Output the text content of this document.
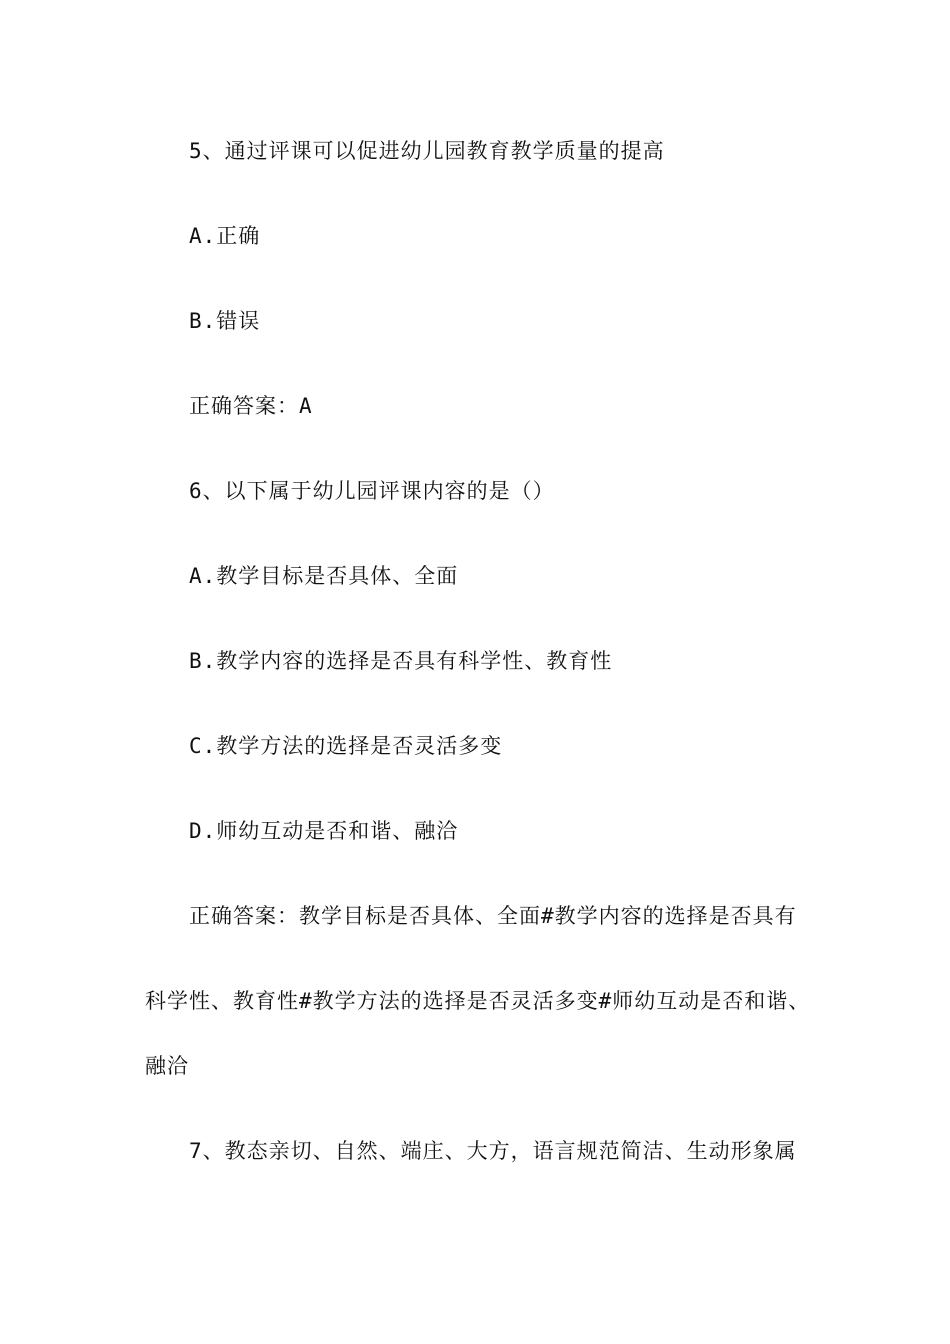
5、通过评课可以促进幼儿园教育教学质量的提高
A.正确
B.错误
正确答案：A
6、以下属于幼儿园评课内容的是（）
A.教学目标是否具体、全面
B.教学内容的选择是否具有科学性、教育性
C.教学方法的选择是否灵活多变
D.师幼互动是否和谐、融洽
正确答案：教学目标是否具体、全面#教学内容的选择是否具有
科学性、教育性#教学方法的选择是否灵活多变#师幼互动是否和谐、
融洽
7、教态亲切、自然、端庄、大方，语言规范简洁、生动形象属
